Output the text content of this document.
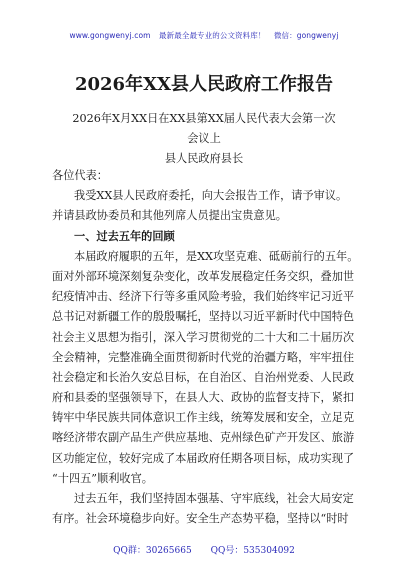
www.gongwenyj.com 最新最全最专业的公文资料库！ 微信：gongwenyj
2026年XX县人民政府工作报告
2026年X月XX日在XX县第XX届人民代表大会第一次
会议上
县人民政府县长
各位代表：
我受XX县人民政府委托，向大会报告工作，请予审议。
并请县政协委员和其他列席人员提出宝贵意见。
一、过去五年的回顾
本届政府履职的五年，是XX攻坚克难、砥砺前行的五年。
面对外部环境深刻复杂变化，改革发展稳定任务交织，叠加世
纪疫情冲击、经济下行等多重风险考验，我们始终牢记习近平
总书记对新疆工作的殷殷嘱托，坚持以习近平新时代中国特色
社会主义思想为指引，深入学习贯彻党的二十大和二十届历次
全会精神，完整准确全面贯彻新时代党的治疆方略，牢牢扭住
社会稳定和长治久安总目标，在自治区、自治州党委、人民政
府和县委的坚强领导下，在县人大、政协的监督支持下，紧扣
铸牢中华民族共同体意识工作主线，统筹发展和安全，立足克
喀经济带农副产品生产供应基地、克州绿色矿产开发区、旅游
区功能定位，较好完成了本届政府任期各项目标，成功实现了
“十四五”顺利收官。
过去五年，我们坚持固本强基、守牢底线，社会大局安定
有序。社会环境稳步向好。安全生产态势平稳，坚持以“时时
QQ群：30265665 QQ号：535304092
